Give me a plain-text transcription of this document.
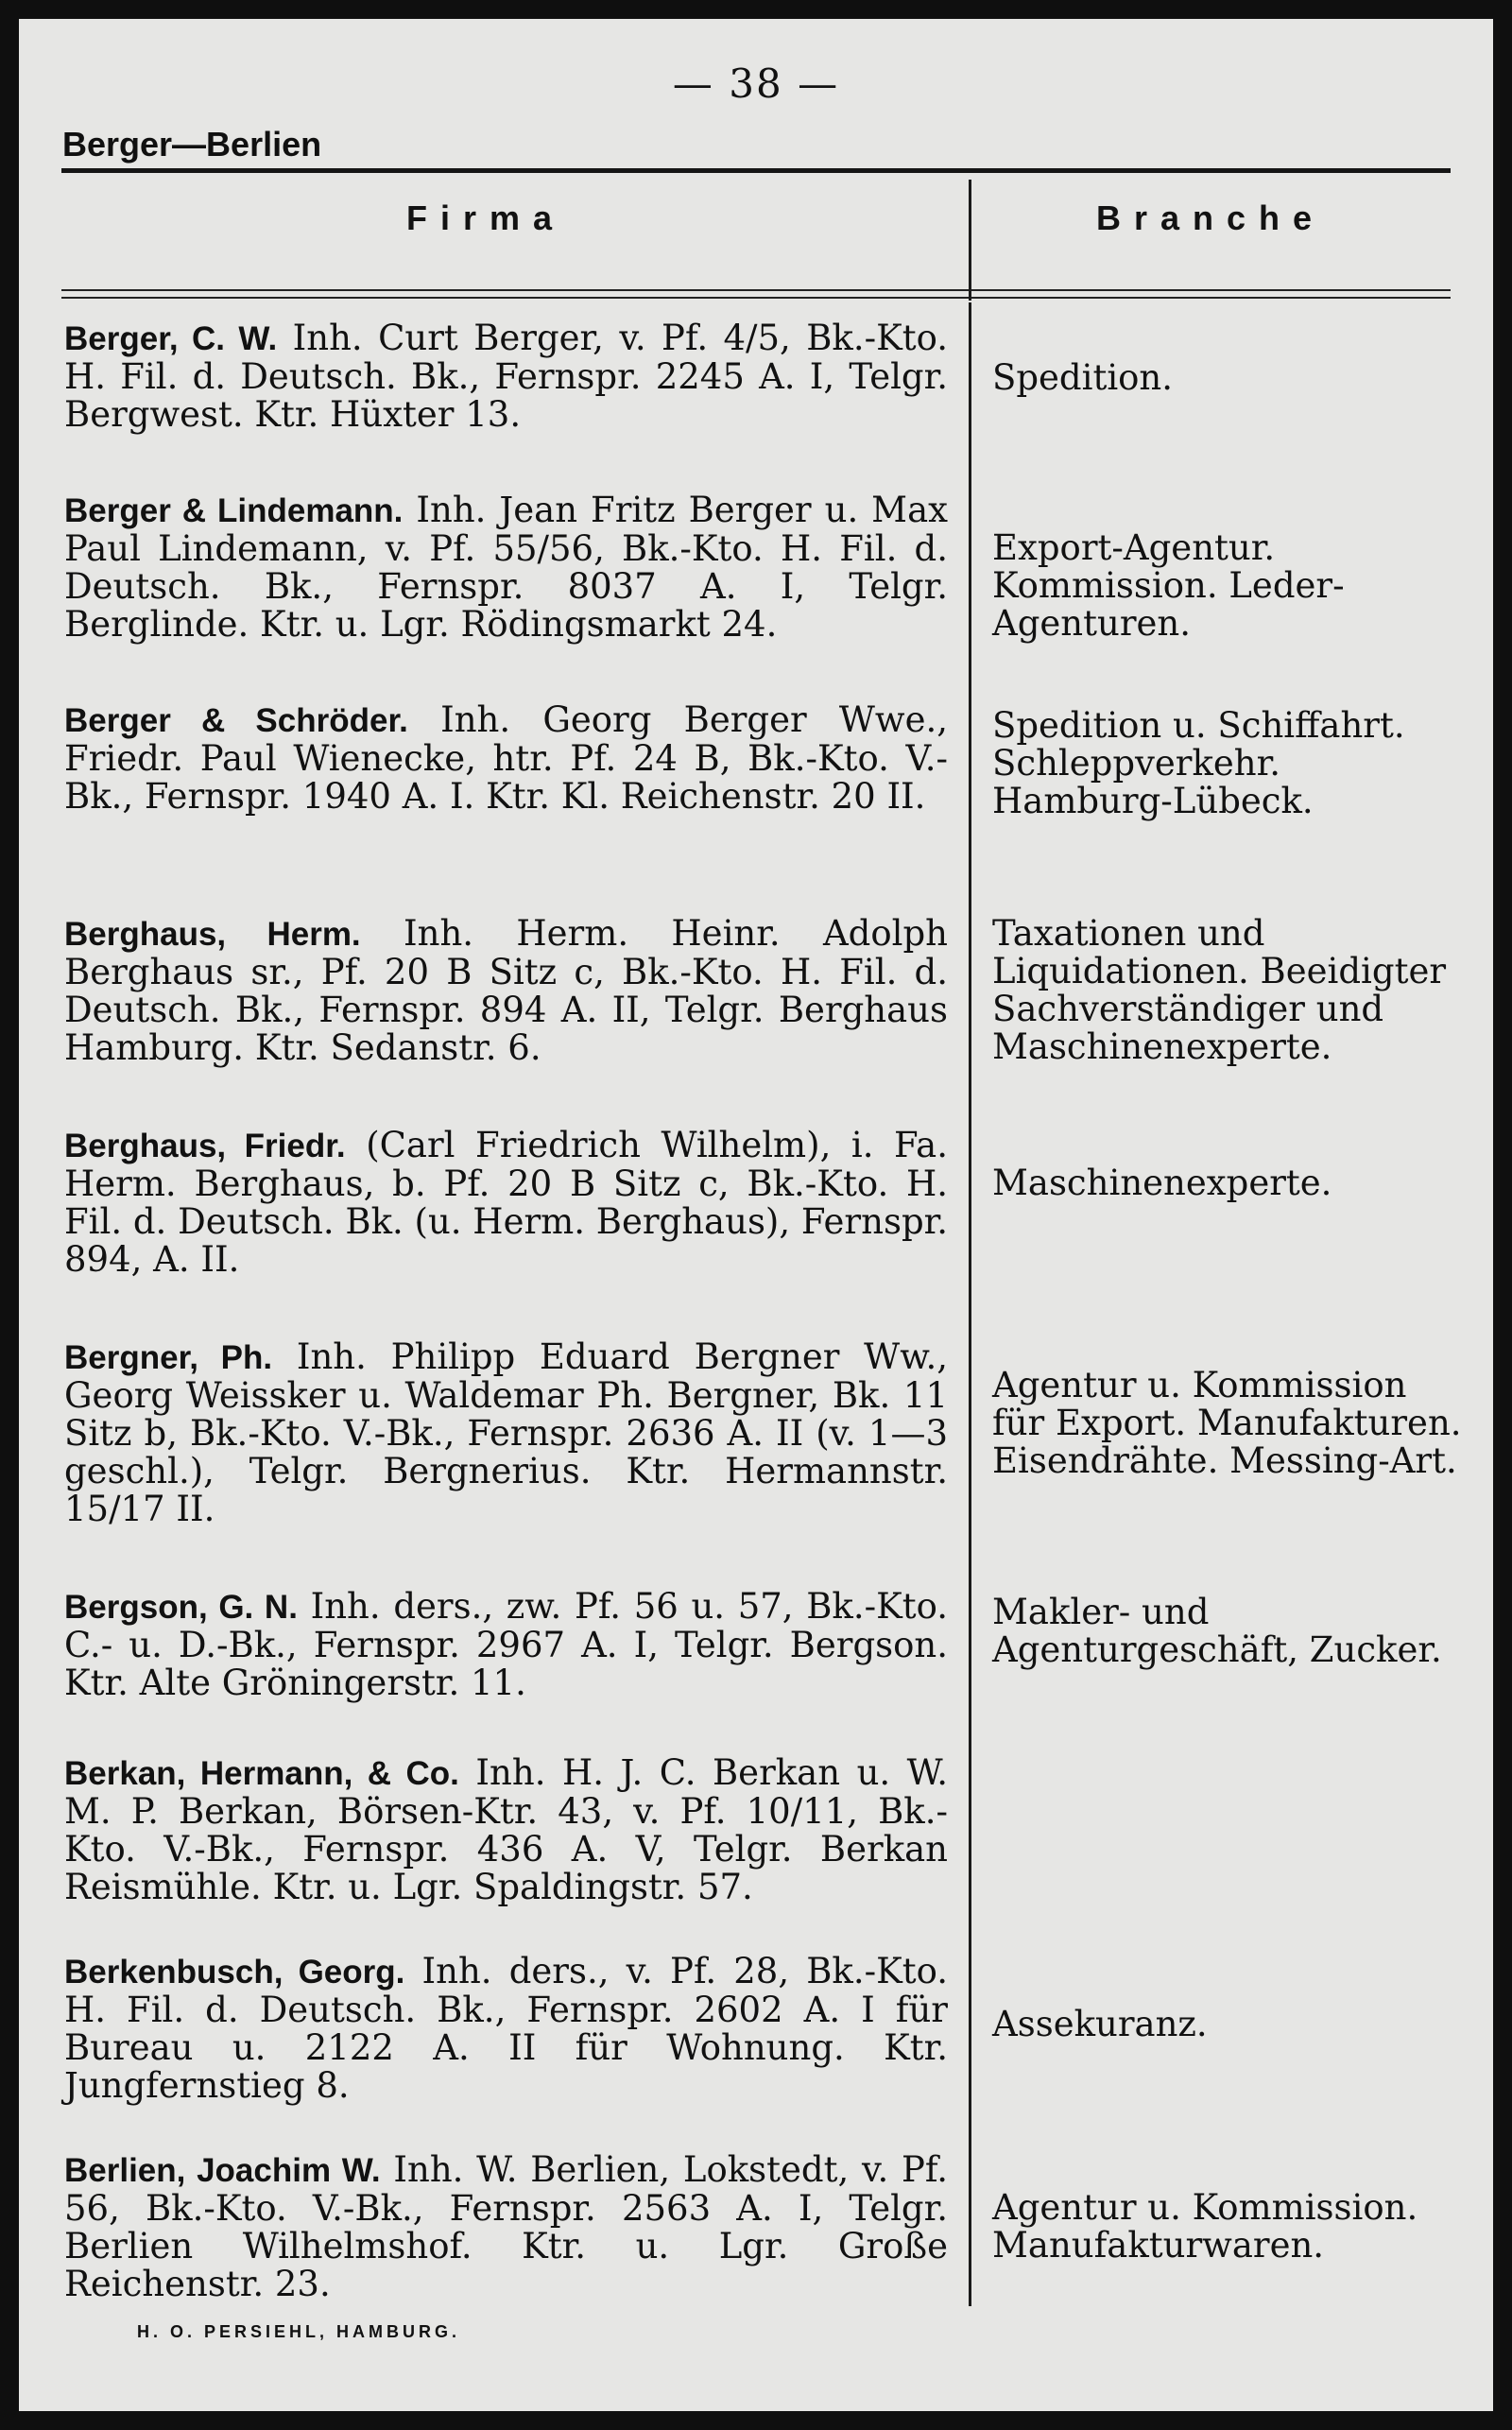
— 38 —
Berger—Berlien
Firma	Branche
Berger, C. W. Inh. Curt Berger, v. Pf. 4/5, Bk.-Kto. H. Fil. d. Deutsch. Bk., Fernspr. 2245 A. I, Telgr. Bergwest. Ktr. Hüxter 13.
Spedition.
Berger & Lindemann. Inh. Jean Fritz Berger u. Max Paul Lindemann, v. Pf. 55/56, Bk.-Kto. H. Fil. d. Deutsch. Bk., Fernspr. 8037 A. I, Telgr. Berglinde. Ktr. u. Lgr. Rödingsmarkt 24.
Export-Agentur. Kommission. Leder-Agenturen.
Berger & Schröder. Inh. Georg Berger Wwe., Friedr. Paul Wienecke, htr. Pf. 24 B, Bk.-Kto. V.-Bk., Fernspr. 1940 A. I. Ktr. Kl. Reichenstr. 20 II.
Spedition u. Schiffahrt. Schleppverkehr. Hamburg-Lübeck.
Berghaus, Herm. Inh. Herm. Heinr. Adolph Berghaus sr., Pf. 20 B Sitz c, Bk.-Kto. H. Fil. d. Deutsch. Bk., Fernspr. 894 A. II, Telgr. Berghaus Hamburg. Ktr. Sedanstr. 6.
Taxationen und Liquidationen. Beeidigter Sachverständiger und Maschinenexperte.
Berghaus, Friedr. (Carl Friedrich Wilhelm), i. Fa. Herm. Berghaus, b. Pf. 20 B Sitz c, Bk.-Kto. H. Fil. d. Deutsch. Bk. (u. Herm. Berghaus), Fernspr. 894, A. II.
Maschinenexperte.
Bergner, Ph. Inh. Philipp Eduard Bergner Ww., Georg Weissker u. Waldemar Ph. Bergner, Bk. 11 Sitz b, Bk.-Kto. V.-Bk., Fernspr. 2636 A. II (v. 1—3 geschl.), Telgr. Bergnerius. Ktr. Hermannstr. 15/17 II.
Agentur u. Kommission für Export. Manufakturen. Eisendrähte. Messing-Art.
Bergson, G. N. Inh. ders., zw. Pf. 56 u. 57, Bk.-Kto. C.- u. D.-Bk., Fernspr. 2967 A. I, Telgr. Bergson. Ktr. Alte Gröningerstr. 11.
Makler- und Agenturgeschäft, Zucker.
Berkan, Hermann, & Co. Inh. H. J. C. Berkan u. W. M. P. Berkan, Börsen-Ktr. 43, v. Pf. 10/11, Bk.-Kto. V.-Bk., Fernspr. 436 A. V, Telgr. Berkan Reismühle. Ktr. u. Lgr. Spaldingstr. 57.
Berkenbusch, Georg. Inh. ders., v. Pf. 28, Bk.-Kto. H. Fil. d. Deutsch. Bk., Fernspr. 2602 A. I für Bureau u. 2122 A. II für Wohnung. Ktr. Jungfernstieg 8.
Assekuranz.
Berlien, Joachim W. Inh. W. Berlien, Lokstedt, v. Pf. 56, Bk.-Kto. V.-Bk., Fernspr. 2563 A. I, Telgr. Berlien Wilhelmshof. Ktr. u. Lgr. Große Reichenstr. 23.
Agentur u. Kommission. Manufakturwaren.
H. O. PERSIEHL, HAMBURG.
